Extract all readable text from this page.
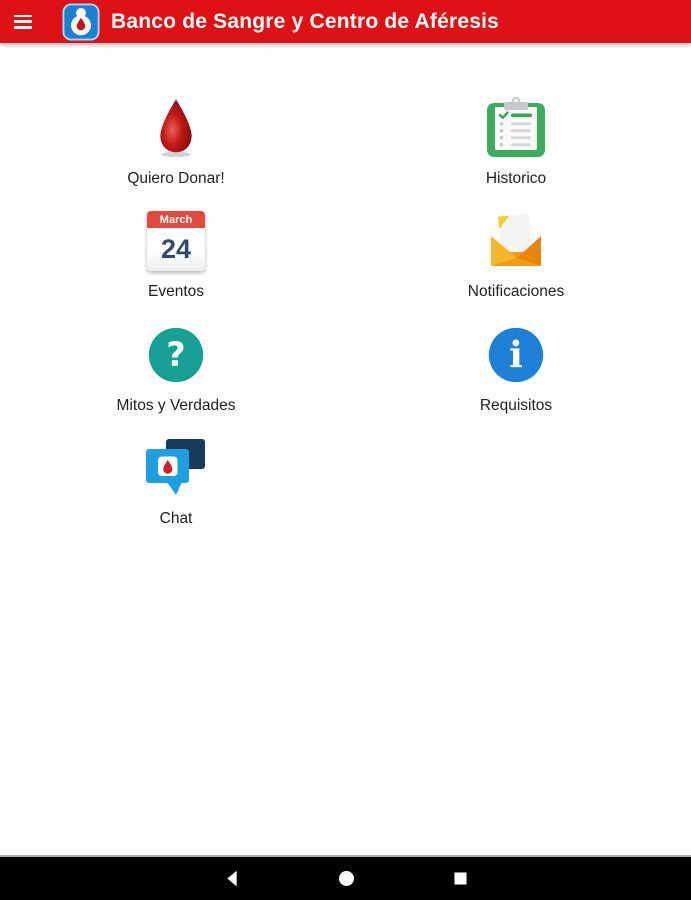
Banco de Sangre y Centro de Aféresis
Quiero Donar!	Historico
March
24
Eventos	Notificaciones
?
Mitos y Verdades
i
Requisitos
Chat
